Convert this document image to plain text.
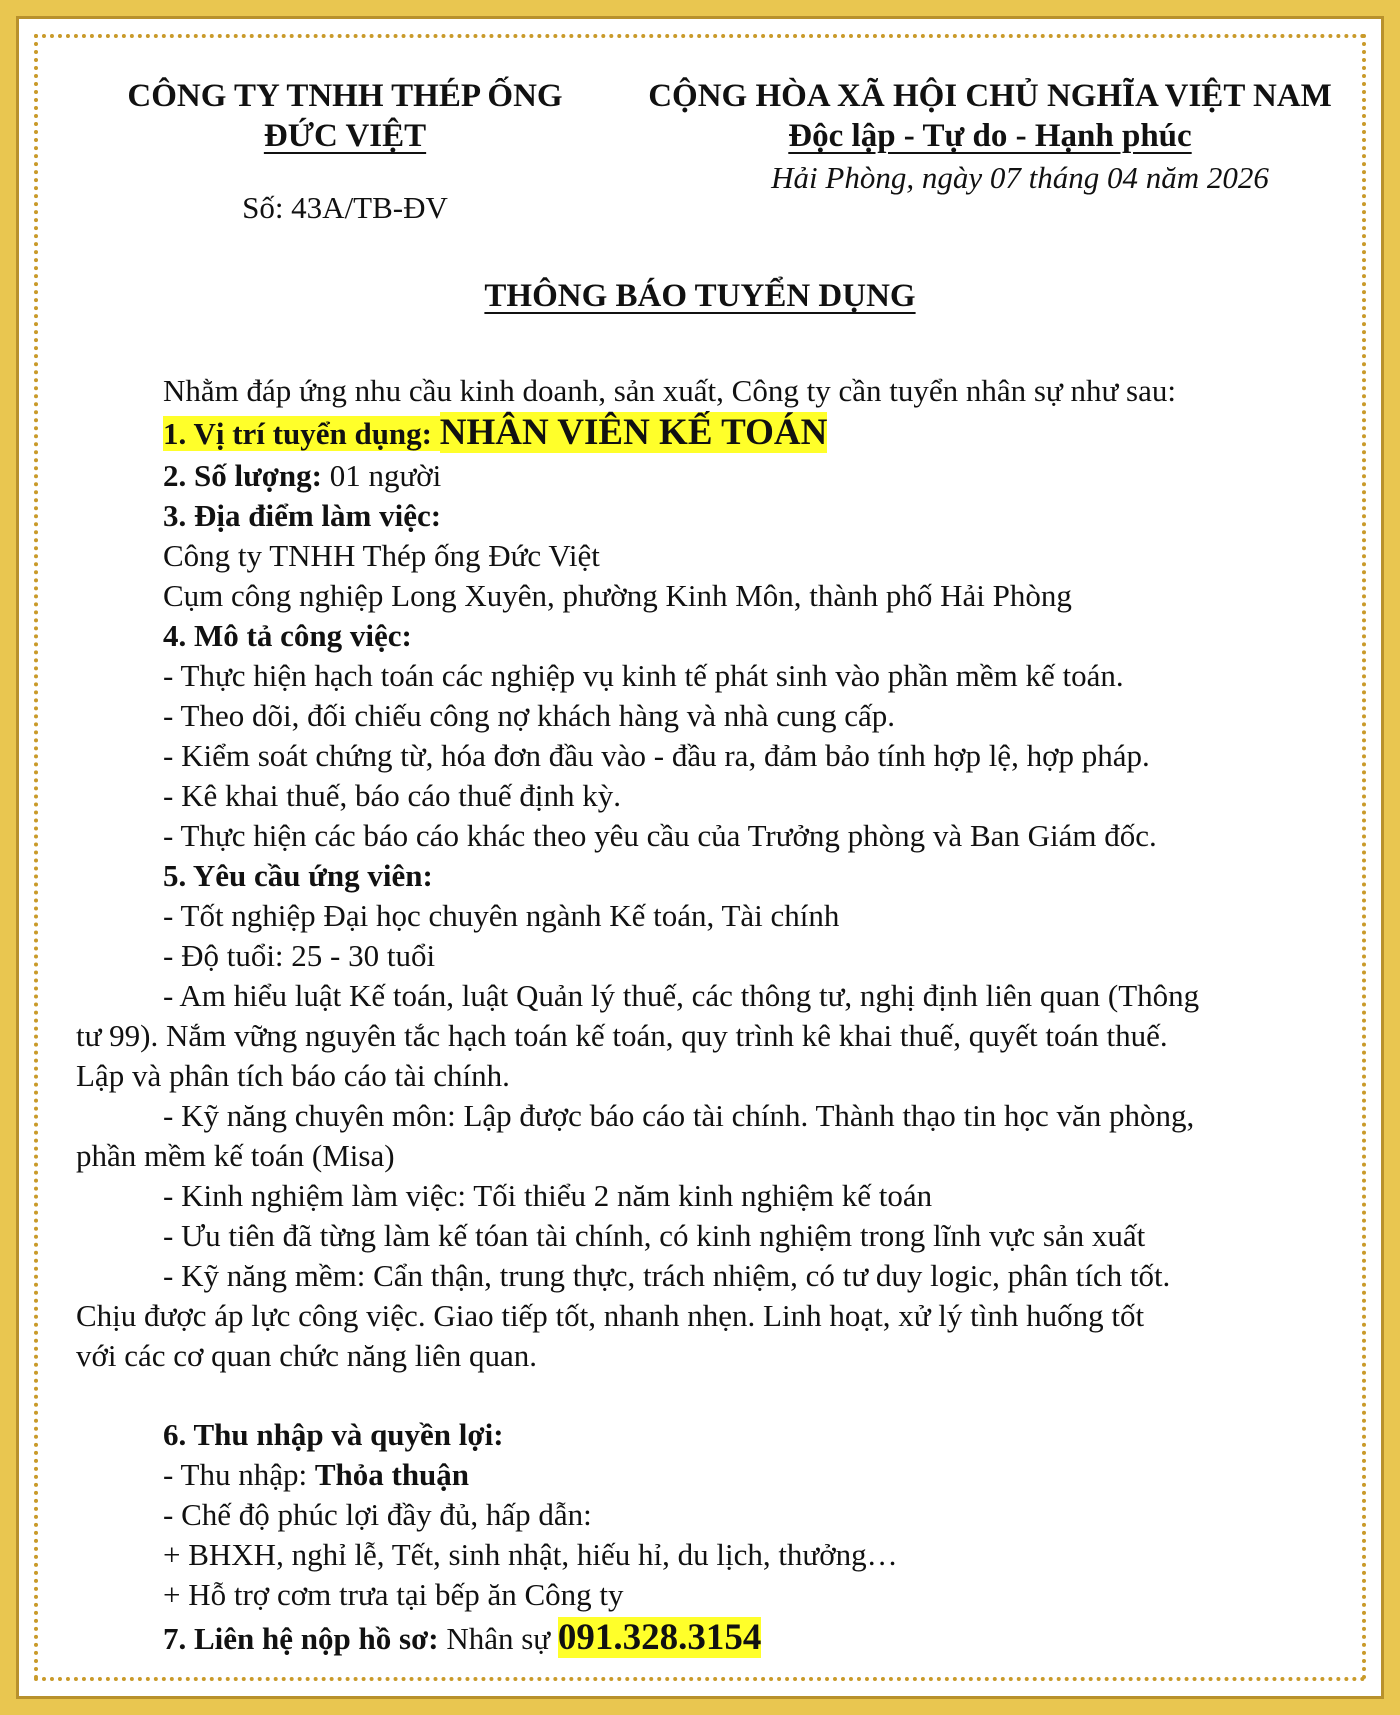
CÔNG TY TNHH THÉP ỐNG
ĐỨC VIỆT
Số: 43A/TB-ĐV
CỘNG HÒA XÃ HỘI CHỦ NGHĨA VIỆT NAM
Độc lập - Tự do - Hạnh phúc
Hải Phòng, ngày 07 tháng 04 năm 2026
THÔNG BÁO TUYỂN DỤNG
Nhằm đáp ứng nhu cầu kinh doanh, sản xuất, Công ty cần tuyển nhân sự như sau:
1. Vị trí tuyển dụng: NHÂN VIÊN KẾ TOÁN
2. Số lượng: 01 người
3. Địa điểm làm việc:
Công ty TNHH Thép ống Đức Việt
Cụm công nghiệp Long Xuyên, phường Kinh Môn, thành phố Hải Phòng
4. Mô tả công việc:
- Thực hiện hạch toán các nghiệp vụ kinh tế phát sinh vào phần mềm kế toán.
- Theo dõi, đối chiếu công nợ khách hàng và nhà cung cấp.
- Kiểm soát chứng từ, hóa đơn đầu vào - đầu ra, đảm bảo tính hợp lệ, hợp pháp.
- Kê khai thuế, báo cáo thuế định kỳ.
- Thực hiện các báo cáo khác theo yêu cầu của Trưởng phòng và Ban Giám đốc.
5. Yêu cầu ứng viên:
- Tốt nghiệp Đại học chuyên ngành Kế toán, Tài chính
- Độ tuổi: 25 - 30 tuổi
- Am hiểu luật Kế toán, luật Quản lý thuế, các thông tư, nghị định liên quan (Thông
tư 99). Nắm vững nguyên tắc hạch toán kế toán, quy trình kê khai thuế, quyết toán thuế.
Lập và phân tích báo cáo tài chính.
- Kỹ năng chuyên môn: Lập được báo cáo tài chính. Thành thạo tin học văn phòng,
phần mềm kế toán (Misa)
- Kinh nghiệm làm việc: Tối thiểu 2 năm kinh nghiệm kế toán
- Ưu tiên đã từng làm kế tóan tài chính, có kinh nghiệm trong lĩnh vực sản xuất
- Kỹ năng mềm: Cẩn thận, trung thực, trách nhiệm, có tư duy logic, phân tích tốt.
Chịu được áp lực công việc. Giao tiếp tốt, nhanh nhẹn. Linh hoạt, xử lý tình huống tốt
với các cơ quan chức năng liên quan.
6. Thu nhập và quyền lợi:
- Thu nhập: Thỏa thuận
- Chế độ phúc lợi đầy đủ, hấp dẫn:
+ BHXH, nghỉ lễ, Tết, sinh nhật, hiếu hỉ, du lịch, thưởng…
+ Hỗ trợ cơm trưa tại bếp ăn Công ty
7. Liên hệ nộp hồ sơ: Nhân sự 091.328.3154
